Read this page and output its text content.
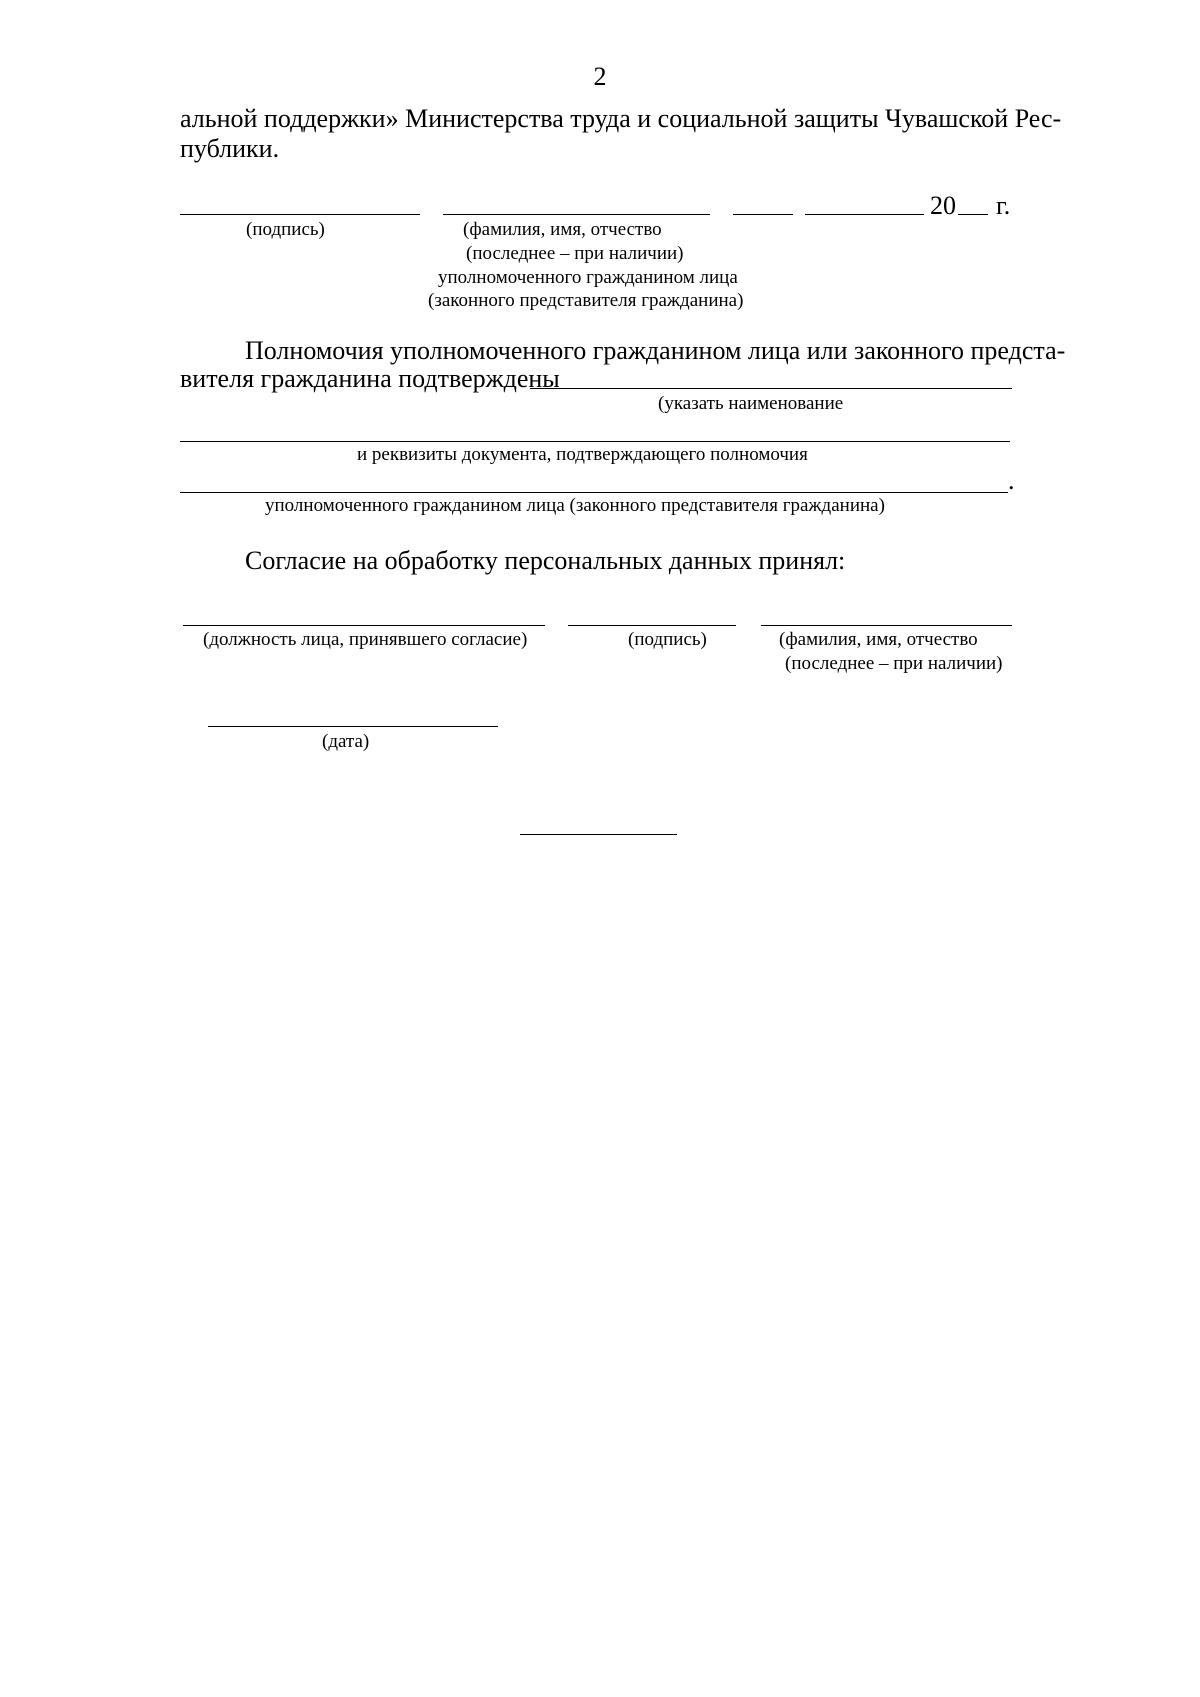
2
альной поддержки» Министерства труда и социальной защиты Чувашской Рес-
публики.
20 г.
(подпись)	(фамилия, имя, отчество
(последнее – при наличии)
уполномоченного гражданином лица
(законного представителя гражданина)
Полномочия уполномоченного гражданином лица или законного предста-
вителя гражданина подтверждены
(указать наименование
и реквизиты документа, подтверждающего полномочия
.
уполномоченного гражданином лица (законного представителя гражданина)
Согласие на обработку персональных данных принял:
(должность лица, принявшего согласие)	(подпись)	(фамилия, имя, отчество
(последнее – при наличии)
(дата)
